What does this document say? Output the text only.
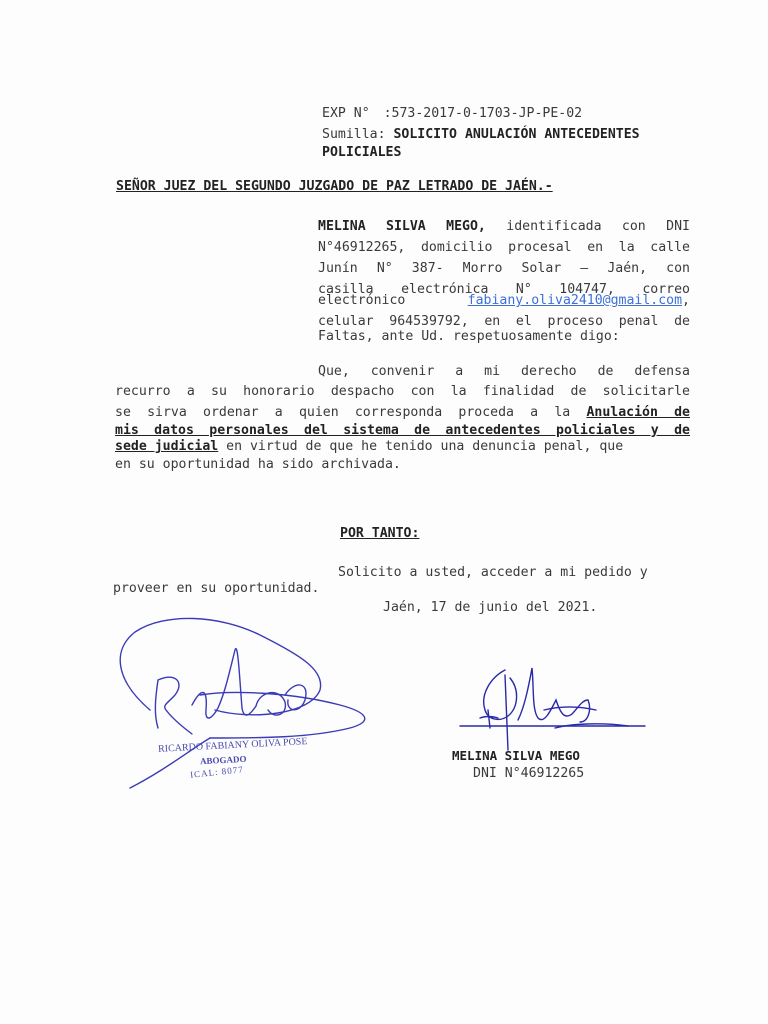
EXP N° :573-2017-0-1703-JP-PE-02
Sumilla: SOLICITO ANULACIÓN ANTECEDENTES
POLICIALES
SEÑOR JUEZ DEL SEGUNDO JUZGADO DE PAZ LETRADO DE JAÉN.-
MELINA SILVA MEGO, identificada con DNI
N°46912265, domicilio procesal en la calle
Junín N° 387- Morro Solar – Jaén, con
casilla electrónica N° 104747, correo
electrónico	fabiany.oliva2410@gmail.com,
celular 964539792, en el proceso penal de
Faltas, ante Ud. respetuosamente digo:
Que, convenir a mi derecho de defensa
recurro a su honorario despacho con la finalidad de solicitarle
se sirva ordenar a quien corresponda proceda a la Anulación de
mis datos personales del sistema de antecedentes policiales y de
sede judicial en virtud de que he tenido una denuncia penal, que
en su oportunidad ha sido archivada.
POR TANTO:
Solicito a usted, acceder a mi pedido y
proveer en su oportunidad.
Jaén, 17 de junio del 2021.
RICARDO FABIANY OLIVA POSE
ABOGADO
ICAL: 8077
MELINA SILVA MEGO
DNI N°46912265
